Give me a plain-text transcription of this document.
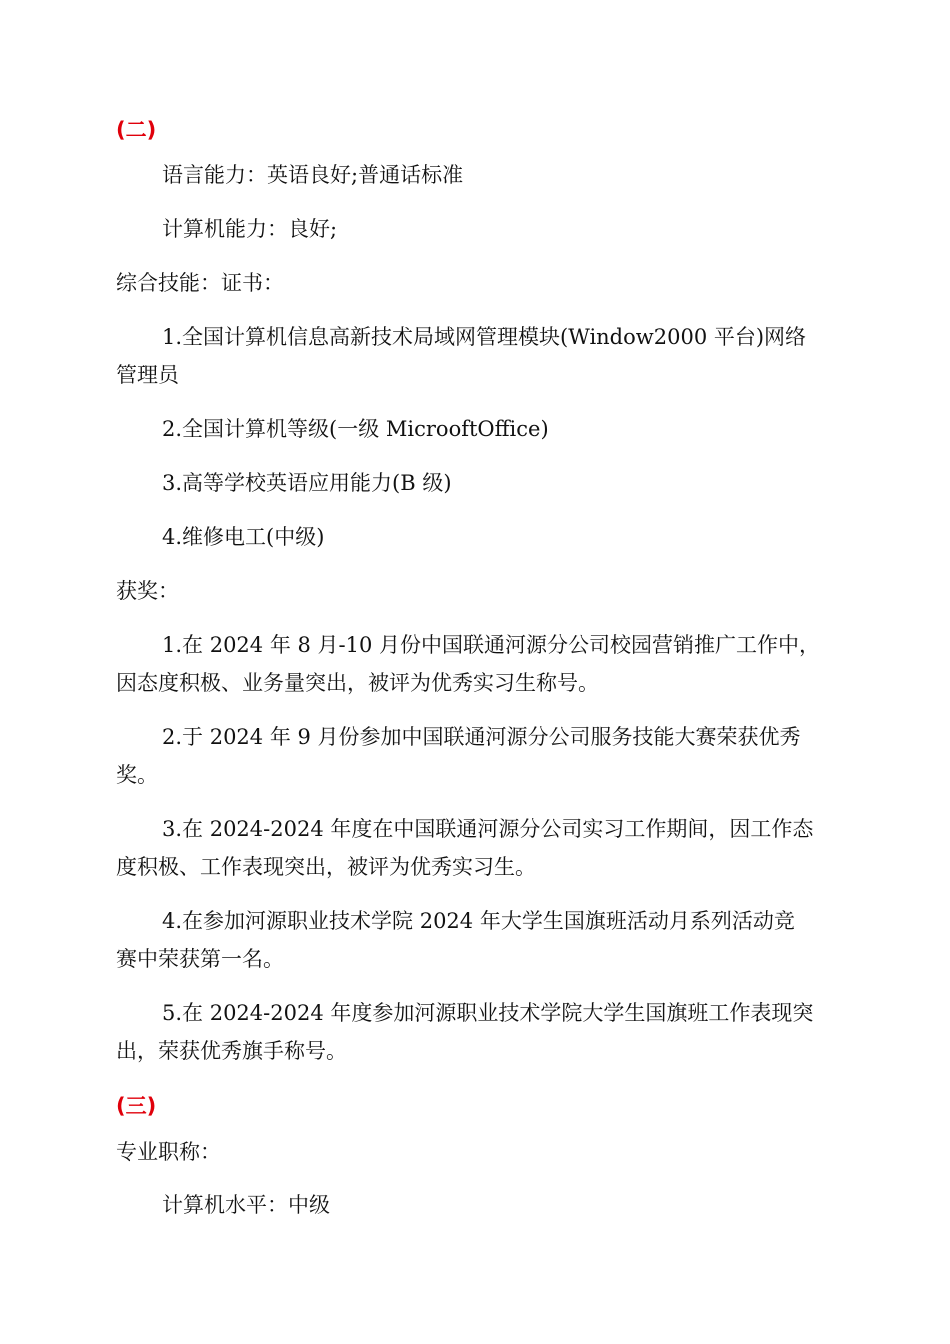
(二)
语言能力：英语良好;普通话标准
计算机能力：良好;
综合技能：证书：
1.全国计算机信息高新技术局域网管理模块(Window2000 平台)网络
管理员
2.全国计算机等级(一级 MicrooftOffice)
3.高等学校英语应用能力(B 级)
4.维修电工(中级)
获奖：
1.在 2024 年 8 月-10 月份中国联通河源分公司校园营销推广工作中，
因态度积极、业务量突出，被评为优秀实习生称号。
2.于 2024 年 9 月份参加中国联通河源分公司服务技能大赛荣获优秀
奖。
3.在 2024-2024 年度在中国联通河源分公司实习工作期间，因工作态
度积极、工作表现突出，被评为优秀实习生。
4.在参加河源职业技术学院 2024 年大学生国旗班活动月系列活动竞
赛中荣获第一名。
5.在 2024-2024 年度参加河源职业技术学院大学生国旗班工作表现突
出，荣获优秀旗手称号。
(三)
专业职称：
计算机水平：中级
